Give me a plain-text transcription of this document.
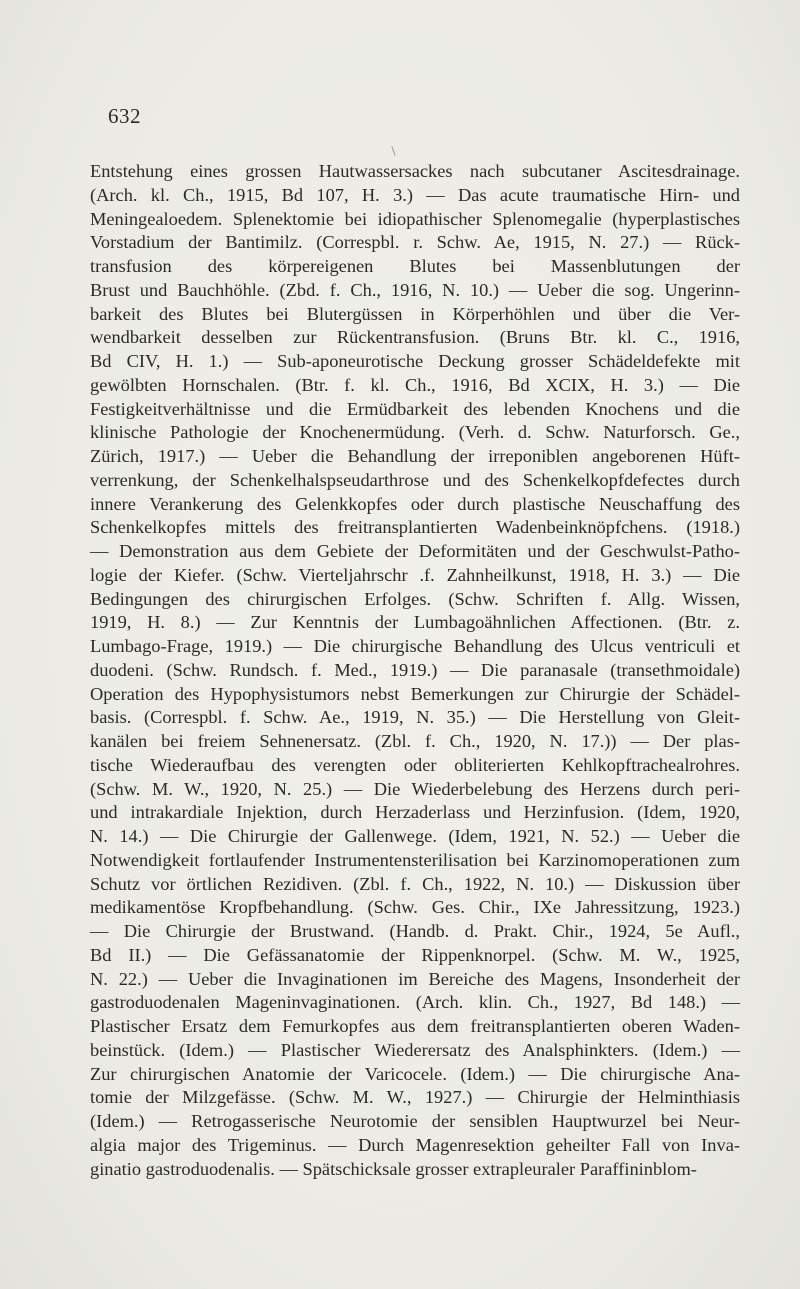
632
Entstehung eines grossen Hautwassersackes nach subcutaner Ascitesdrainage.
(Arch. kl. Ch., 1915, Bd 107, H. 3.) — Das acute traumatische Hirn- und
Meningealoedem. Splenektomie bei idiopathischer Splenomegalie (hyperplastisches
Vorstadium der Bantimilz. (Correspbl. r. Schw. Ae, 1915, N. 27.) — Rück-
transfusion des körpereigenen Blutes bei Massenblutungen der
Brust und Bauchhöhle. (Zbd. f. Ch., 1916, N. 10.) — Ueber die sog. Ungerinn-
barkeit des Blutes bei Blutergüssen in Körperhöhlen und über die Ver-
wendbarkeit desselben zur Rückentransfusion. (Bruns Btr. kl. C., 1916,
Bd CIV, H. 1.) — Sub-aponeurotische Deckung grosser Schädeldefekte mit
gewölbten Hornschalen. (Btr. f. kl. Ch., 1916, Bd XCIX, H. 3.) — Die
Festigkeitverhältnisse und die Ermüdbarkeit des lebenden Knochens und die
klinische Pathologie der Knochenermüdung. (Verh. d. Schw. Naturforsch. Ge.,
Zürich, 1917.) — Ueber die Behandlung der irreponiblen angeborenen Hüft-
verrenkung, der Schenkelhalspseudarthrose und des Schenkelkopfdefectes durch
innere Verankerung des Gelenkkopfes oder durch plastische Neuschaffung des
Schenkelkopfes mittels des freitransplantierten Wadenbeinknöpfchens. (1918.)
— Demonstration aus dem Gebiete der Deformitäten und der Geschwulst-Patho-
logie der Kiefer. (Schw. Vierteljahrschr .f. Zahnheilkunst, 1918, H. 3.) — Die
Bedingungen des chirurgischen Erfolges. (Schw. Schriften f. Allg. Wissen,
1919, H. 8.) — Zur Kenntnis der Lumbagoähnlichen Affectionen. (Btr. z.
Lumbago-Frage, 1919.) — Die chirurgische Behandlung des Ulcus ventriculi et
duodeni. (Schw. Rundsch. f. Med., 1919.) — Die paranasale (transethmoidale)
Operation des Hypophysistumors nebst Bemerkungen zur Chirurgie der Schädel-
basis. (Correspbl. f. Schw. Ae., 1919, N. 35.) — Die Herstellung von Gleit-
kanälen bei freiem Sehnenersatz. (Zbl. f. Ch., 1920, N. 17.)) — Der plas-
tische Wiederaufbau des verengten oder obliterierten Kehlkopftrachealrohres.
(Schw. M. W., 1920, N. 25.) — Die Wiederbelebung des Herzens durch peri-
und intrakardiale Injektion, durch Herzaderlass und Herzinfusion. (Idem, 1920,
N. 14.) — Die Chirurgie der Gallenwege. (Idem, 1921, N. 52.) — Ueber die
Notwendigkeit fortlaufender Instrumentensterilisation bei Karzinomoperationen zum
Schutz vor örtlichen Rezidiven. (Zbl. f. Ch., 1922, N. 10.) — Diskussion über
medikamentöse Kropfbehandlung. (Schw. Ges. Chir., IXe Jahressitzung, 1923.)
— Die Chirurgie der Brustwand. (Handb. d. Prakt. Chir., 1924, 5e Aufl.,
Bd II.) — Die Gefässanatomie der Rippenknorpel. (Schw. M. W., 1925,
N. 22.) — Ueber die Invaginationen im Bereiche des Magens, Insonderheit der
gastroduodenalen Mageninvaginationen. (Arch. klin. Ch., 1927, Bd 148.) —
Plastischer Ersatz dem Femurkopfes aus dem freitransplantierten oberen Waden-
beinstück. (Idem.) — Plastischer Wiederersatz des Analsphinkters. (Idem.) —
Zur chirurgischen Anatomie der Varicocele. (Idem.) — Die chirurgische Ana-
tomie der Milzgefässe. (Schw. M. W., 1927.) — Chirurgie der Helminthiasis
(Idem.) — Retrogasserische Neurotomie der sensiblen Hauptwurzel bei Neur-
algia major des Trigeminus. — Durch Magenresektion geheilter Fall von Inva-
ginatio gastroduodenalis. — Spätschicksale grosser extrapleuraler Paraffininblom-
